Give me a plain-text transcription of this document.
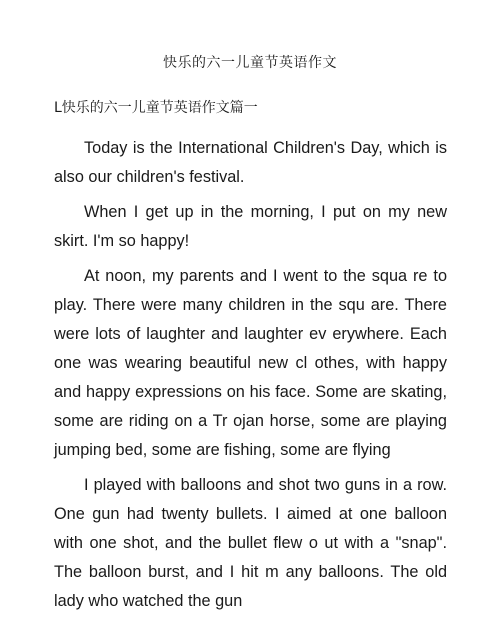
快乐的六一儿童节英语作文
L快乐的六一儿童节英语作文篇一

Today is the International Children's Day, which is also our children's festival.

When I get up in the morning, I put on my new skirt. I'm so happy!

At noon, my parents and I went to the squa re to play. There were many children in the squ are. There were lots of laughter and laughter ev erywhere. Each one was wearing beautiful new cl othes, with happy and happy expressions on his face. Some are skating, some are riding on a Tr ojan horse, some are playing jumping bed, some are fishing, some are flying

I played with balloons and shot two guns in a row. One gun had twenty bullets. I aimed at one balloon with one shot, and the bullet flew o ut with a "snap". The balloon burst, and I hit m any balloons. The old lady who watched the gun
